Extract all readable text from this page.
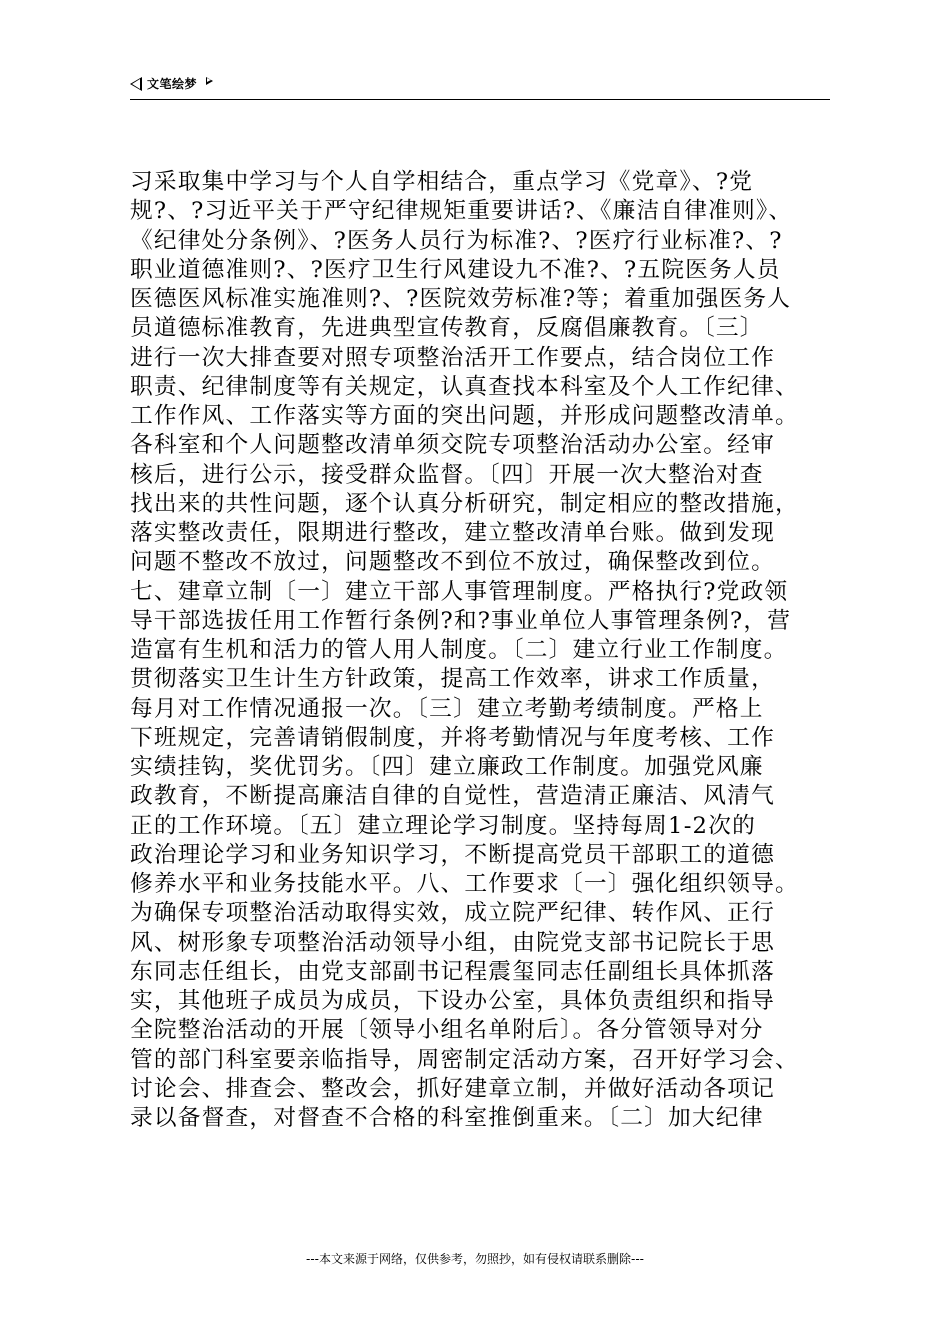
文笔绘梦
习采取集中学习与个人自学相结合，重点学习《党章》、?党
规?、?习近平关于严守纪律规矩重要讲话?、《廉洁自律准则》、
《纪律处分条例》、?医务人员行为标准?、?医疗行业标准?、?
职业道德准则?、?医疗卫生行风建设九不准?、?五院医务人员
医德医风标准实施准则?、?医院效劳标准?等；着重加强医务人
员道德标准教育，先进典型宣传教育，反腐倡廉教育。〔三〕
进行一次大排查要对照专项整治活开工作要点，结合岗位工作
职责、纪律制度等有关规定，认真查找本科室及个人工作纪律、
工作作风、工作落实等方面的突出问题，并形成问题整改清单。
各科室和个人问题整改清单须交院专项整治活动办公室。经审
核后，进行公示，接受群众监督。〔四〕开展一次大整治对查
找出来的共性问题，逐个认真分析研究，制定相应的整改措施，
落实整改责任，限期进行整改，建立整改清单台账。做到发现
问题不整改不放过，问题整改不到位不放过，确保整改到位。
七、建章立制〔一〕建立干部人事管理制度。严格执行?党政领
导干部选拔任用工作暂行条例?和?事业单位人事管理条例?，营
造富有生机和活力的管人用人制度。〔二〕建立行业工作制度。
贯彻落实卫生计生方针政策，提高工作效率，讲求工作质量，
每月对工作情况通报一次。〔三〕建立考勤考绩制度。严格上
下班规定，完善请销假制度，并将考勤情况与年度考核、工作
实绩挂钩，奖优罚劣。〔四〕建立廉政工作制度。加强党风廉
政教育，不断提高廉洁自律的自觉性，营造清正廉洁、风清气
正的工作环境。〔五〕建立理论学习制度。坚持每周1-2次的
政治理论学习和业务知识学习，不断提高党员干部职工的道德
修养水平和业务技能水平。八、工作要求〔一〕强化组织领导。
为确保专项整治活动取得实效，成立院严纪律、转作风、正行
风、树形象专项整治活动领导小组，由院党支部书记院长于思
东同志任组长，由党支部副书记程震玺同志任副组长具体抓落
实，其他班子成员为成员，下设办公室，具体负责组织和指导
全院整治活动的开展〔领导小组名单附后〕。各分管领导对分
管的部门科室要亲临指导，周密制定活动方案，召开好学习会、
讨论会、排查会、整改会，抓好建章立制，并做好活动各项记
录以备督查，对督查不合格的科室推倒重来。〔二〕加大纪律
---本文来源于网络，仅供参考，勿照抄，如有侵权请联系删除---
